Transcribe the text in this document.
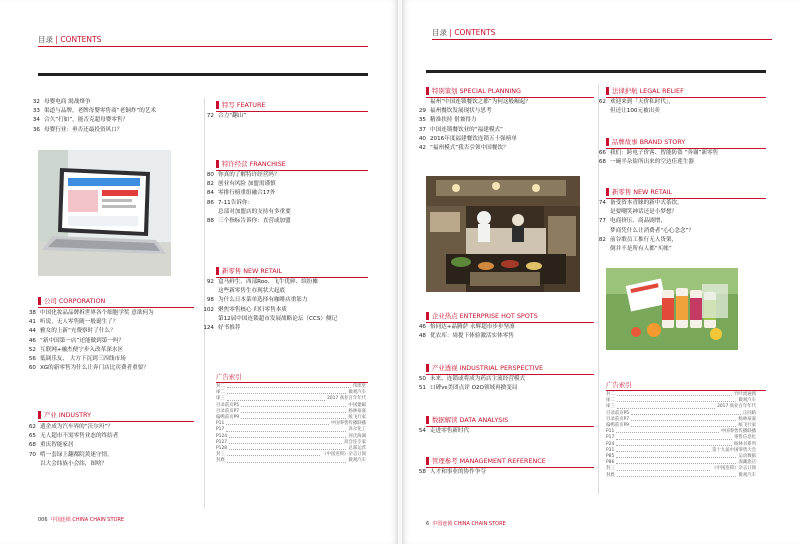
目录 | CONTENTS
32 母婴电商 渴战烽争
33 渠道与品牌，老牌母婴零售商“老铜炸”的艺术
34 合久“打如”，能否克超母婴零售？
36 母婴行业：垂否还最投资风口？
公司 CORPORATION
38 中国化妆品品牌拆世界各个细胞学奖 意欲何为
41 听说，无人零售随一般诞生了？
44 雅女的上新“充费察时了什么？
46 “新中国第一店”还能做到第一吗？
52 互联网+融杰便宁步入改革深水区
56 低调乐友、 大方下沉到三四线市场
60 XG的新零售为什么让奔门店比宾费者重要？
产业 INDUSTRY
62 遗企成为汽车界的“沃尔玛”？
65 无人超市不需零售业态的终结者
68 重庆智能家居
70 啃一套绿上翻都院黄迷守情，
以大会纬族小会纬，图啥？
特写 FEATURE
72 合力“翻山”
特许经营 FRANCHISE
80 你真的了解特许经营吗？
82 创业有风险 加盟需谨慎
84 零排行榜重组融合17外
86 7-11告诉你：
总部对加盟店的支持有多重要
88 三个指标告诉你：直营或加盟
新零售 NEW RETAIL
92 盒马鲜生、西部Roo、飞牛优鲜、缤纷摊
这些新零售生存现状大起底
98 为什么日本菜单选择有咖啡店重影力
102 聚焦零售核心 归归零售本质
第12届中国连锁超市发展战略论坛（CCS）侧记
124 好书推荐
广告索引
封二	伟郎堂
扉二	微观汽车
扉三	2017 商业百年年代
目录前页P5	中国建邮
目录前页P7	杨林豪嘉
偏鸭前页P9	纸飞行家
P11	中国零售传播联播
P17	泽尔化工
P124	何氏海湖
P127	高会连专家
P128	总部运营
封三	《中国连锁》杂志订阅
封底	微观汽车
006 中国连锁 CHINA CHAIN STORE
目录 | CONTENTS
特别策划 SPECIAL PLANNING
福州“中国连锁餐饮之都”为何这般崛起？
29 福州餐饮发展现状与思考
35 精准扶持 借兼得力
37 中国连锁餐饮业的“福建模式”
40 2016年度福建餐饮连锁五十强榜单
42 “福州模式”我否引领中国餐饮？
企业热点 ENTERPRISE HOT SPOTS
46 怡同达+晶腾萨 永辉超市步步坚凛
48 优农库：周提下体验激活实体零售
产业透视 INDUSTRIAL PERSPECTIVE
50 未来，连锁或将成为药店主流经营模式
51 口碑vs美团点评 O2O领域再掀变局
数据解读 DATA ANALYSIS
54 走进零售新时代
管理参考 MANAGEMENT REFERENCE
58 人才和事业的协作争夺
法律护航 LEGAL RELIEF
62 欢迎来到「天价私时代」，
但还让100元被出卖
品牌故事 BRAND STORY
66 我们：跨电子价客、智能防盗 “奔谢”新零售
68 一碗半杂街所出来的空边佳莲生器
新零售 NEW RETAIL
74 备受资本青睐的新中式茶饮，
是要嘲笑神话还是小梦想？
77 电商挤压、商品剧增，
梦商凭什么让消费者“心心念念”？
82 前谷歌员工推行无人货架，
倒并不是所有人都“买帐”
广告索引
封二	竹叶流通图
扉二	微观汽车
扉三	2017 商业百年年代
目录前页P5	正同路
目录前页P7	杨林豪嘉
偏鸭前页P9	纸飞行家
P11	中国零售传播联播
P17	零售信息化
P24	杨林书系列
P31	第十九届中国零售大会
P85	运动数据
P86	深藏旅店
封三	《中国连锁》杂志订阅
封底	微观汽车
6 中国连锁 CHINA CHAIN STORE
